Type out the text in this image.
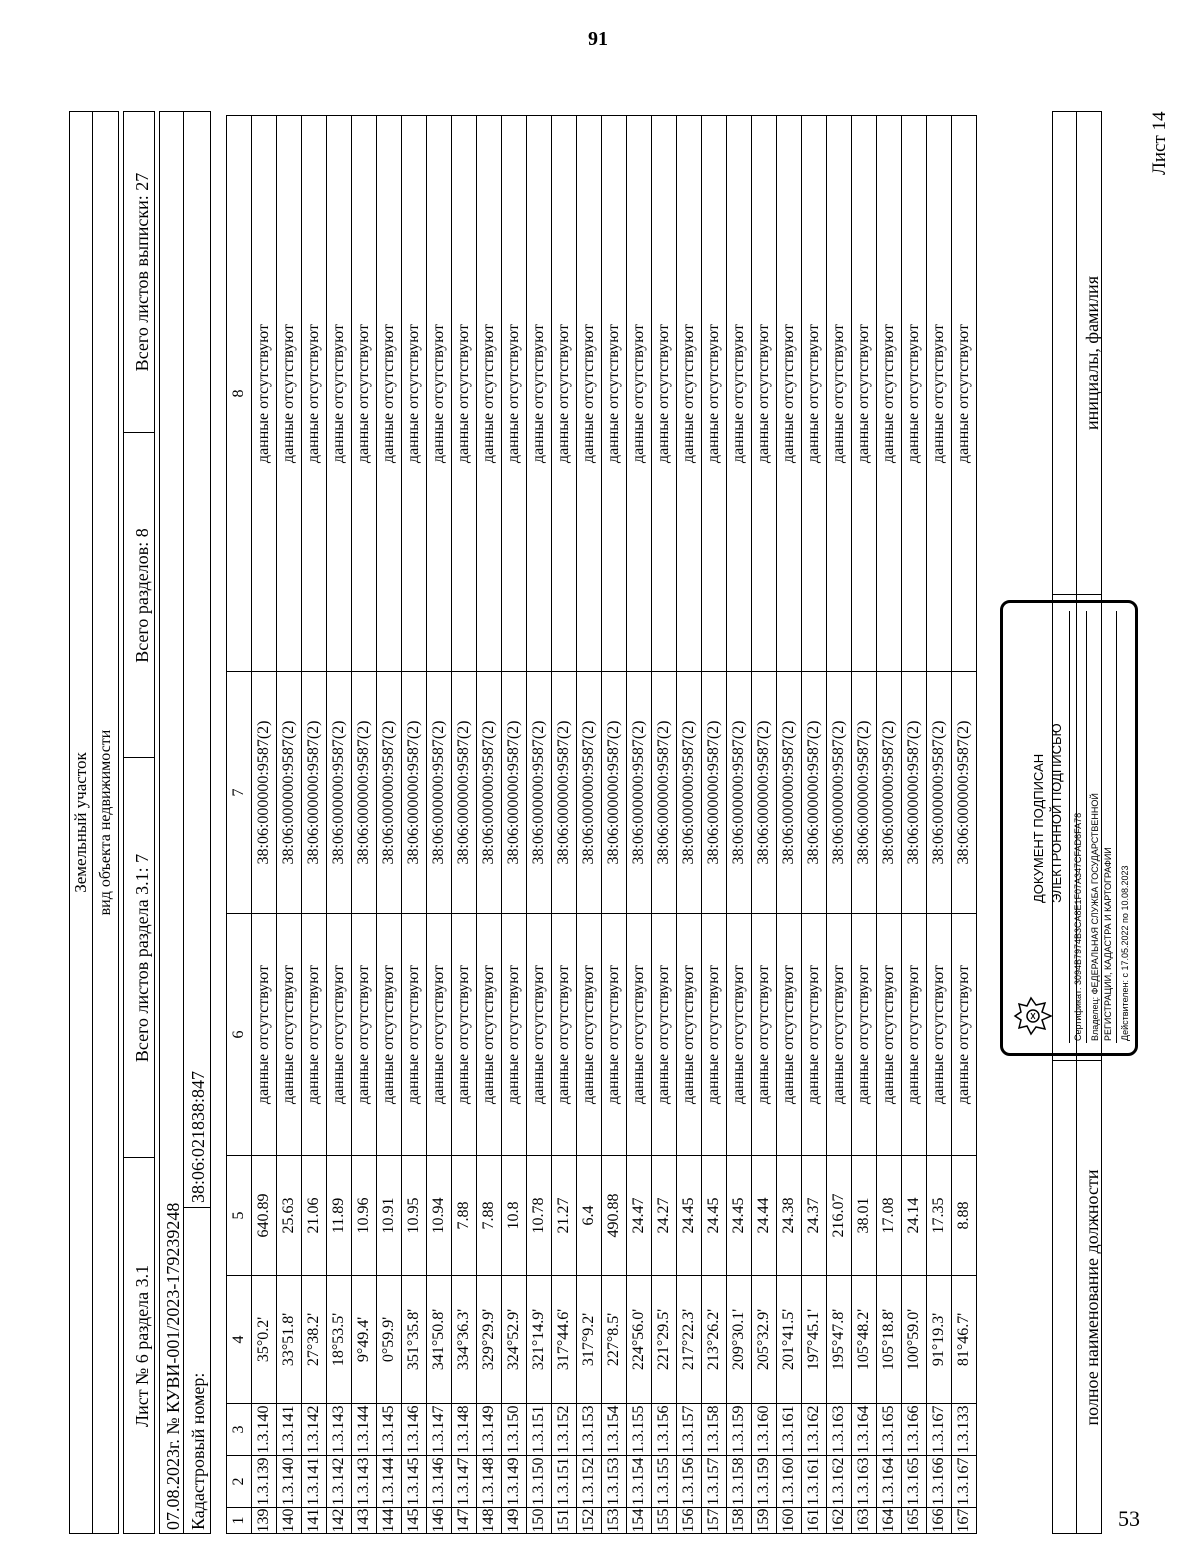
91
53
Лист 14
Земельный участок вид объекта недвижимости
Лист № 6 раздела 3.1
Всего листов раздела 3.1: 7
Всего разделов: 8
Всего листов выписки: 27
07.08.2023г. № КУВИ-001/2023-179239248 Кадастровый номер:
38:06:021838:847
1	2	3	4	5	6	7	8
139	1.3.139	1.3.140	35°0.2'	640.89	данные отсутствуют	38:06:000000:9587(2)	данные отсутствуют
140	1.3.140	1.3.141	33°51.8'	25.63	данные отсутствуют	38:06:000000:9587(2)	данные отсутствуют
141	1.3.141	1.3.142	27°38.2'	21.06	данные отсутствуют	38:06:000000:9587(2)	данные отсутствуют
142	1.3.142	1.3.143	18°53.5'	11.89	данные отсутствуют	38:06:000000:9587(2)	данные отсутствуют
143	1.3.143	1.3.144	9°49.4'	10.96	данные отсутствуют	38:06:000000:9587(2)	данные отсутствуют
144	1.3.144	1.3.145	0°59.9'	10.91	данные отсутствуют	38:06:000000:9587(2)	данные отсутствуют
145	1.3.145	1.3.146	351°35.8'	10.95	данные отсутствуют	38:06:000000:9587(2)	данные отсутствуют
146	1.3.146	1.3.147	341°50.8'	10.94	данные отсутствуют	38:06:000000:9587(2)	данные отсутствуют
147	1.3.147	1.3.148	334°36.3'	7.88	данные отсутствуют	38:06:000000:9587(2)	данные отсутствуют
148	1.3.148	1.3.149	329°29.9'	7.88	данные отсутствуют	38:06:000000:9587(2)	данные отсутствуют
149	1.3.149	1.3.150	324°52.9'	10.8	данные отсутствуют	38:06:000000:9587(2)	данные отсутствуют
150	1.3.150	1.3.151	321°14.9'	10.78	данные отсутствуют	38:06:000000:9587(2)	данные отсутствуют
151	1.3.151	1.3.152	317°44.6'	21.27	данные отсутствуют	38:06:000000:9587(2)	данные отсутствуют
152	1.3.152	1.3.153	317°9.2'	6.4	данные отсутствуют	38:06:000000:9587(2)	данные отсутствуют
153	1.3.153	1.3.154	227°8.5'	490.88	данные отсутствуют	38:06:000000:9587(2)	данные отсутствуют
154	1.3.154	1.3.155	224°56.0'	24.47	данные отсутствуют	38:06:000000:9587(2)	данные отсутствуют
155	1.3.155	1.3.156	221°29.5'	24.27	данные отсутствуют	38:06:000000:9587(2)	данные отсутствуют
156	1.3.156	1.3.157	217°22.3'	24.45	данные отсутствуют	38:06:000000:9587(2)	данные отсутствуют
157	1.3.157	1.3.158	213°26.2'	24.45	данные отсутствуют	38:06:000000:9587(2)	данные отсутствуют
158	1.3.158	1.3.159	209°30.1'	24.45	данные отсутствуют	38:06:000000:9587(2)	данные отсутствуют
159	1.3.159	1.3.160	205°32.9'	24.44	данные отсутствуют	38:06:000000:9587(2)	данные отсутствуют
160	1.3.160	1.3.161	201°41.5'	24.38	данные отсутствуют	38:06:000000:9587(2)	данные отсутствуют
161	1.3.161	1.3.162	197°45.1'	24.37	данные отсутствуют	38:06:000000:9587(2)	данные отсутствуют
162	1.3.162	1.3.163	195°47.8'	216.07	данные отсутствуют	38:06:000000:9587(2)	данные отсутствуют
163	1.3.163	1.3.164	105°48.2'	38.01	данные отсутствуют	38:06:000000:9587(2)	данные отсутствуют
164	1.3.164	1.3.165	105°18.8'	17.08	данные отсутствуют	38:06:000000:9587(2)	данные отсутствуют
165	1.3.165	1.3.166	100°59.0'	24.14	данные отсутствуют	38:06:000000:9587(2)	данные отсутствуют
166	1.3.166	1.3.167	91°19.3'	17.35	данные отсутствуют	38:06:000000:9587(2)	данные отсутствуют
167	1.3.167	1.3.133	81°46.7'	8.88	данные отсутствуют	38:06:000000:9587(2)	данные отсутствуют
полное наименование должности
инициалы, фамилия
ДОКУМЕНТ ПОДПИСАН ЭЛЕКТРОННОЙ ПОДПИСЬЮ Сертификат: 3094B7974B3CA8E1F07A347CFAD6FA78 Владелец: ФЕДЕРАЛЬНАЯ СЛУЖБА ГОСУДАРСТВЕННОЙ РЕГИСТРАЦИИ, КАДАСТРА И КАРТОГРАФИИ Действителен: с 17.05.2022 по 10.08.2023
